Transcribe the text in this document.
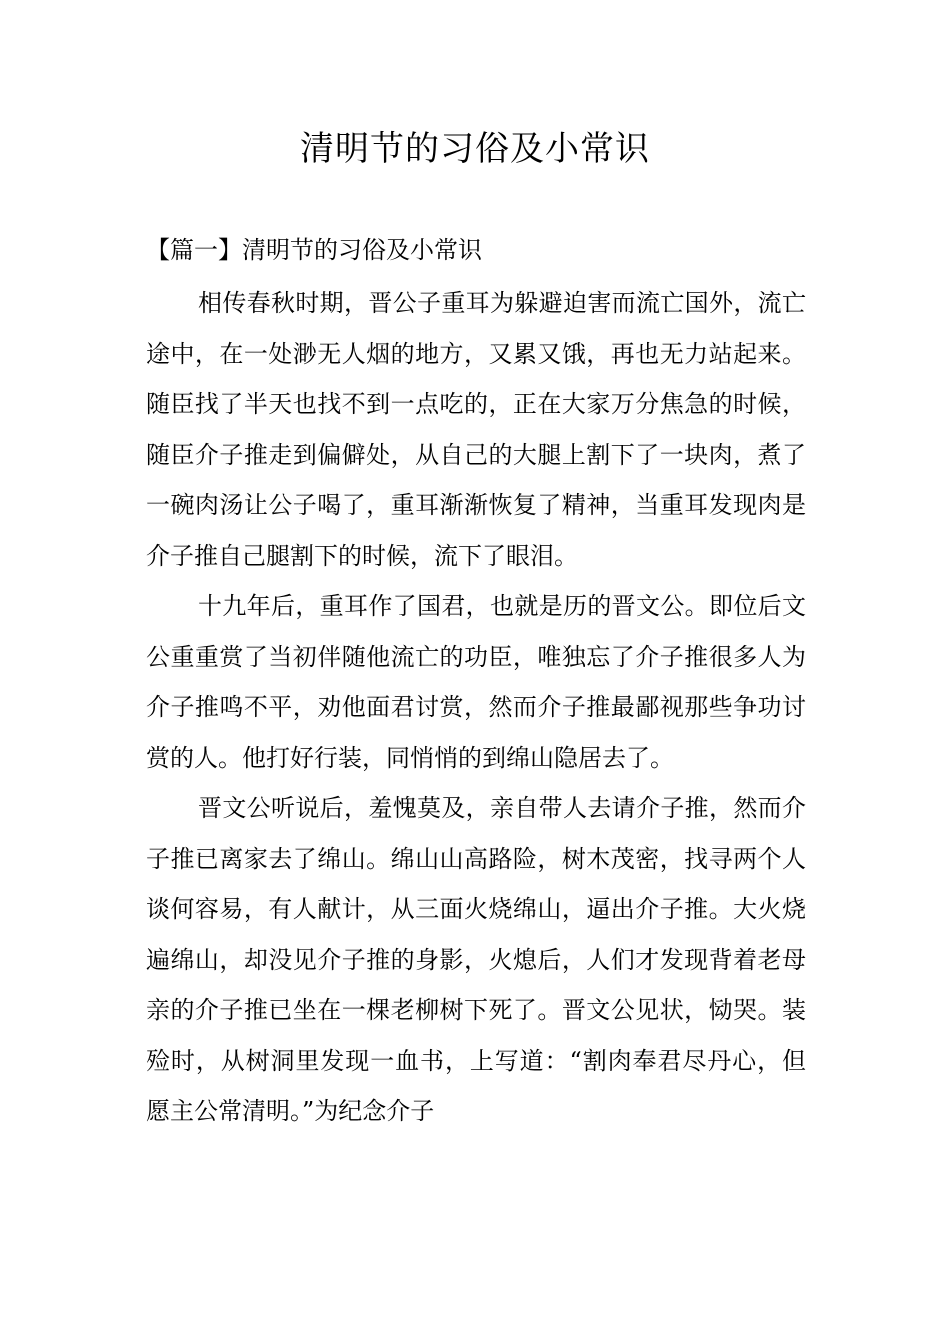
清明节的习俗及小常识
【篇一】清明节的习俗及小常识

相传春秋时期，晋公子重耳为躲避迫害而流亡国外，流亡途中，在一处渺无人烟的地方，又累又饿，再也无力站起来。随臣找了半天也找不到一点吃的，正在大家万分焦急的时候，随臣介子推走到偏僻处，从自己的大腿上割下了一块肉，煮了一碗肉汤让公子喝了，重耳渐渐恢复了精神，当重耳发现肉是介子推自己腿割下的时候，流下了眼泪。

十九年后，重耳作了国君，也就是历的晋文公。即位后文公重重赏了当初伴随他流亡的功臣，唯独忘了介子推很多人为介子推鸣不平，劝他面君讨赏，然而介子推最鄙视那些争功讨赏的人。他打好行装，同悄悄的到绵山隐居去了。

晋文公听说后，羞愧莫及，亲自带人去请介子推，然而介子推已离家去了绵山。绵山山高路险，树木茂密，找寻两个人谈何容易，有人献计，从三面火烧绵山，逼出介子推。大火烧遍绵山，却没见介子推的身影，火熄后，人们才发现背着老母亲的介子推已坐在一棵老柳树下死了。晋文公见状，恸哭。装殓时，从树洞里发现一血书，上写道：“割肉奉君尽丹心，但愿主公常清明。”为纪念介子
